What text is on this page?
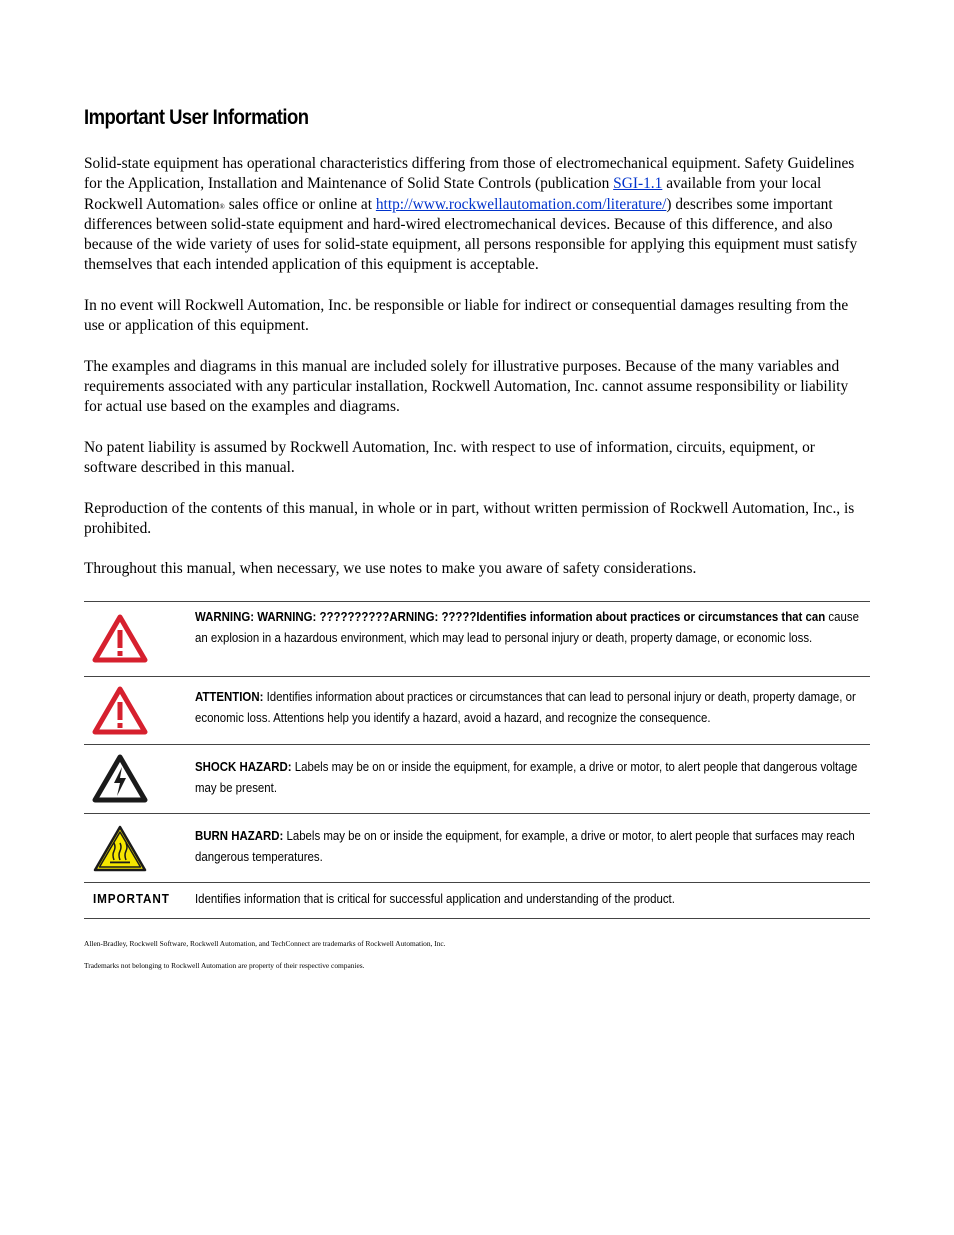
Important User Information

Solid-state equipment has operational characteristics differing from those of electromechanical equipment. Safety Guidelines for the Application, Installation and Maintenance of Solid State Controls (publication SGI-1.1 available from your local Rockwell Automation® sales office or online at http://www.rockwellautomation.com/literature/) describes some important differences between solid-state equipment and hard-wired electromechanical devices. Because of this difference, and also because of the wide variety of uses for solid-state equipment, all persons responsible for applying this equipment must satisfy themselves that each intended application of this equipment is acceptable.

In no event will Rockwell Automation, Inc. be responsible or liable for indirect or consequential damages resulting from the use or application of this equipment.

The examples and diagrams in this manual are included solely for illustrative purposes. Because of the many variables and requirements associated with any particular installation, Rockwell Automation, Inc. cannot assume responsibility or liability for actual use based on the examples and diagrams.

No patent liability is assumed by Rockwell Automation, Inc. with respect to use of information, circuits, equipment, or software described in this manual.

Reproduction of the contents of this manual, in whole or in part, without written permission of Rockwell Automation, Inc., is prohibited.

Throughout this manual, when necessary, we use notes to make you aware of safety considerations.

WARNING: WARNING: ??????????ARNING: ?????Identifies information about practices or circumstances that can cause an explosion in a hazardous environment, which may lead to personal injury or death, property damage, or economic loss.
ATTENTION: Identifies information about practices or circumstances that can lead to personal injury or death, property damage, or economic loss. Attentions help you identify a hazard, avoid a hazard, and recognize the consequence.
SHOCK HAZARD: Labels may be on or inside the equipment, for example, a drive or motor, to alert people that dangerous voltage may be present.
BURN HAZARD: Labels may be on or inside the equipment, for example, a drive or motor, to alert people that surfaces may reach dangerous temperatures.
IMPORTANT Identifies information that is critical for successful application and understanding of the product.
Allen-Bradley, Rockwell Software, Rockwell Automation, and TechConnect are trademarks of Rockwell Automation, Inc.
Trademarks not belonging to Rockwell Automation are property of their respective companies.
